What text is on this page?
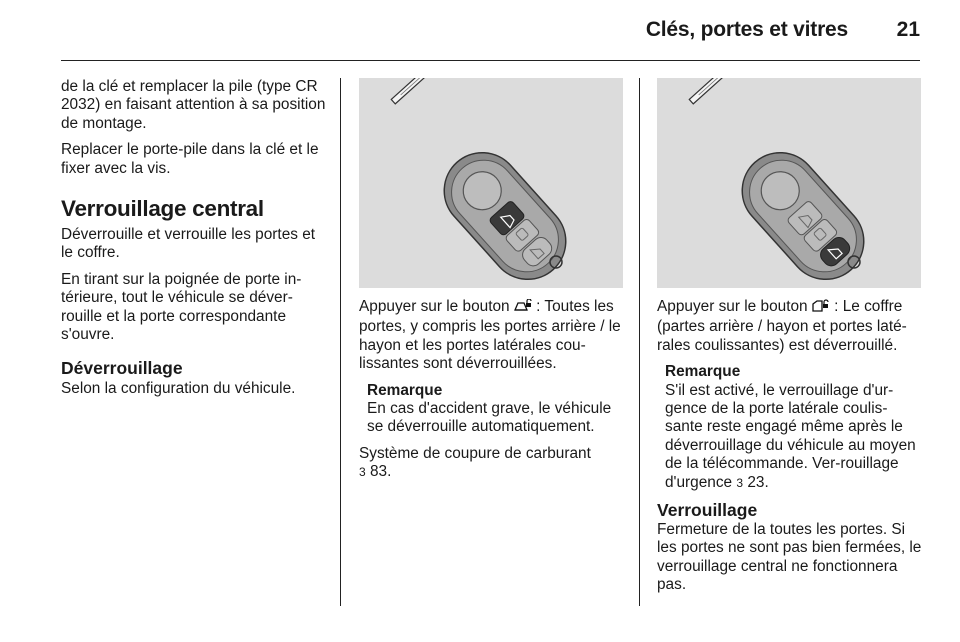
Clés, portes et vitres 21

de la clé et remplacer la pile (type CR 2032) en faisant attention à sa position de montage.

Replacer le porte-pile dans la clé et le fixer avec la vis.

Verrouillage central

Déverrouille et verrouille les portes et le coffre.

En tirant sur la poignée de porte in-térieure, tout le véhicule se déver-rouille et la porte correspondante s'ouvre.

Déverrouillage

Selon la configuration du véhicule.

Appuyer sur le bouton  : Toutes les portes, y compris les portes arrière / le hayon et les portes latérales cou-lissantes sont déverrouillées.

Remarque
En cas d'accident grave, le véhicule se déverrouille automatiquement.

Système de coupure de carburant
3 83.

Appuyer sur le bouton  : Le coffre (partes arrière / hayon et portes laté-rales coulissantes) est déverrouillé.

Remarque
S'il est activé, le verrouillage d'ur-gence de la porte latérale coulis-sante reste engagé même après le déverrouillage du véhicule au moyen de la télécommande. Ver-rouillage d'urgence 3 23.
Verrouillage

Fermeture de la toutes les portes. Si les portes ne sont pas bien fermées, le verrouillage central ne fonctionnera pas.
